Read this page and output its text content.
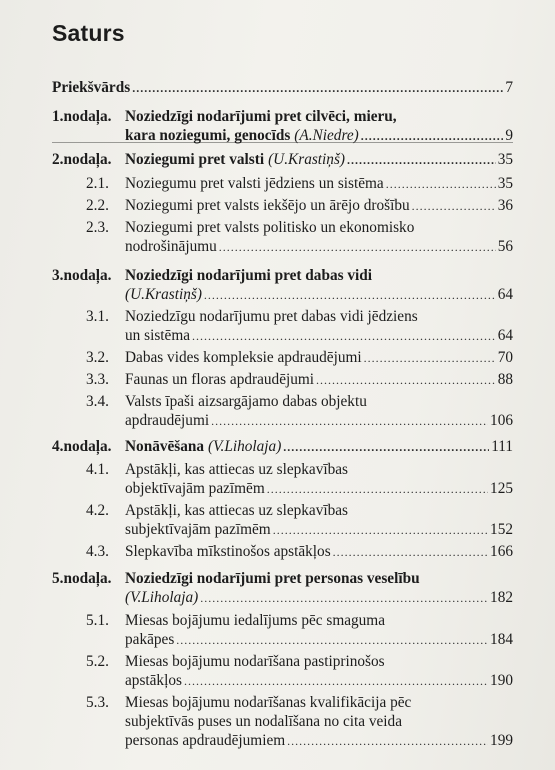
Saturs
Priekšvārds .....	7
1.nodaļa. Noziedzīgi nodarījumi pret cilvēci, mieru,
kara noziegumi, genocīds (A.Niedre) .....	9
2.nodaļa. Noziegumi pret valsti (U.Krastiņš) .....	35
2.1. Noziegumu pret valsti jēdziens un sistēma .....	35
2.2. Noziegumi pret valsts iekšējo un ārējo drošību .....	36
2.3. Noziegumi pret valsts politisko un ekonomisko
nodrošinājumu .....	56
3.nodaļa. Noziedzīgi nodarījumi pret dabas vidi
(U.Krastiņš) .....	64
3.1. Noziedzīgu nodarījumu pret dabas vidi jēdziens
un sistēma .....	64
3.2. Dabas vides kompleksie apdraudējumi .....	70
3.3. Faunas un floras apdraudējumi .....	88
3.4. Valsts īpaši aizsargājamo dabas objektu
apdraudējumi .....	106
4.nodaļa. Nonāvēšana (V.Liholaja) .....	111
4.1. Apstākļi, kas attiecas uz slepkavības
objektīvajām pazīmēm .....	125
4.2. Apstākļi, kas attiecas uz slepkavības
subjektīvajām pazīmēm .....	152
4.3. Slepkavība mīkstinošos apstākļos .....	166
5.nodaļa. Noziedzīgi nodarījumi pret personas veselību
(V.Liholaja) .....	182
5.1. Miesas bojājumu iedalījums pēc smaguma
pakāpes .....	184
5.2. Miesas bojājumu nodarīšana pastiprinošos
apstākļos .....	190
5.3. Miesas bojājumu nodarīšanas kvalifikācija pēc
subjektīvās puses un nodalīšana no cita veida
personas apdraudējumiem .....	199
